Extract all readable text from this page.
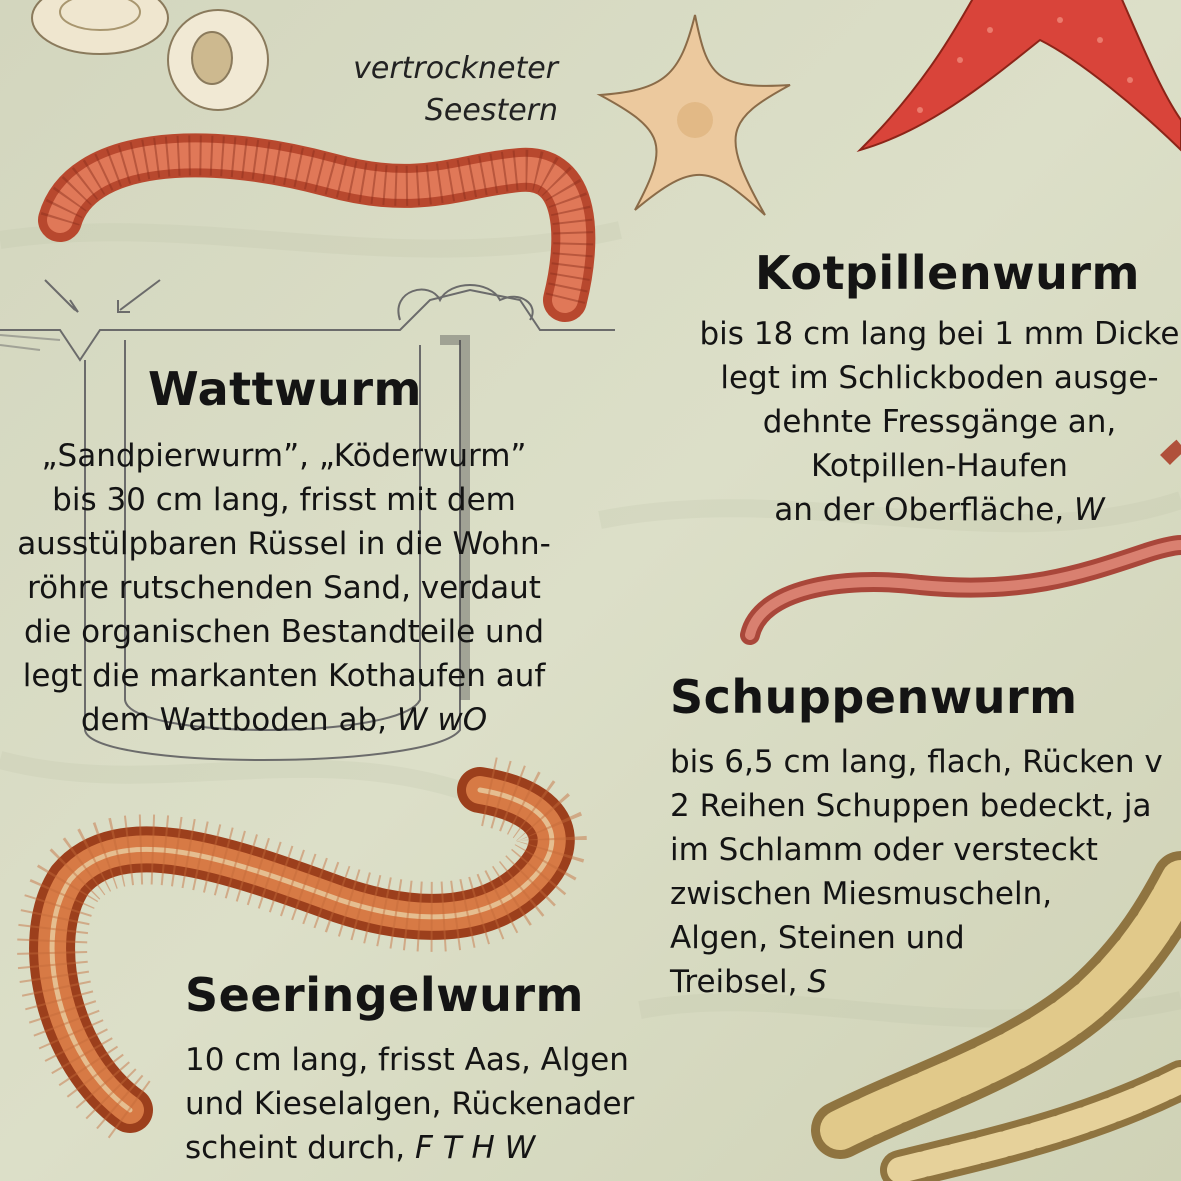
vertrockneter
Seestern
Wattwurm
„Sandpierwurm”, „Köderwurm”
bis 30 cm lang, frisst mit dem
ausstülpbaren Rüssel in die Wohn-
röhre rutschenden Sand, verdaut
die organischen Bestandteile und
legt die markanten Kothaufen auf
dem Wattboden ab, W wO
Kotpillenwurm
bis 18 cm lang bei 1 mm Dicke
legt im Schlickboden ausge-
dehnte Fressgänge an,
Kotpillen-Haufen
an der Oberfläche, W
Schuppenwurm
bis 6,5 cm lang, flach, Rücken v
2 Reihen Schuppen bedeckt, ja
im Schlamm oder versteckt
zwischen Miesmuscheln,
Algen, Steinen und
Treibsel, S
Seeringelwurm
10 cm lang, frisst Aas, Algen
und Kieselalgen, Rückenader
scheint durch, F T H W
